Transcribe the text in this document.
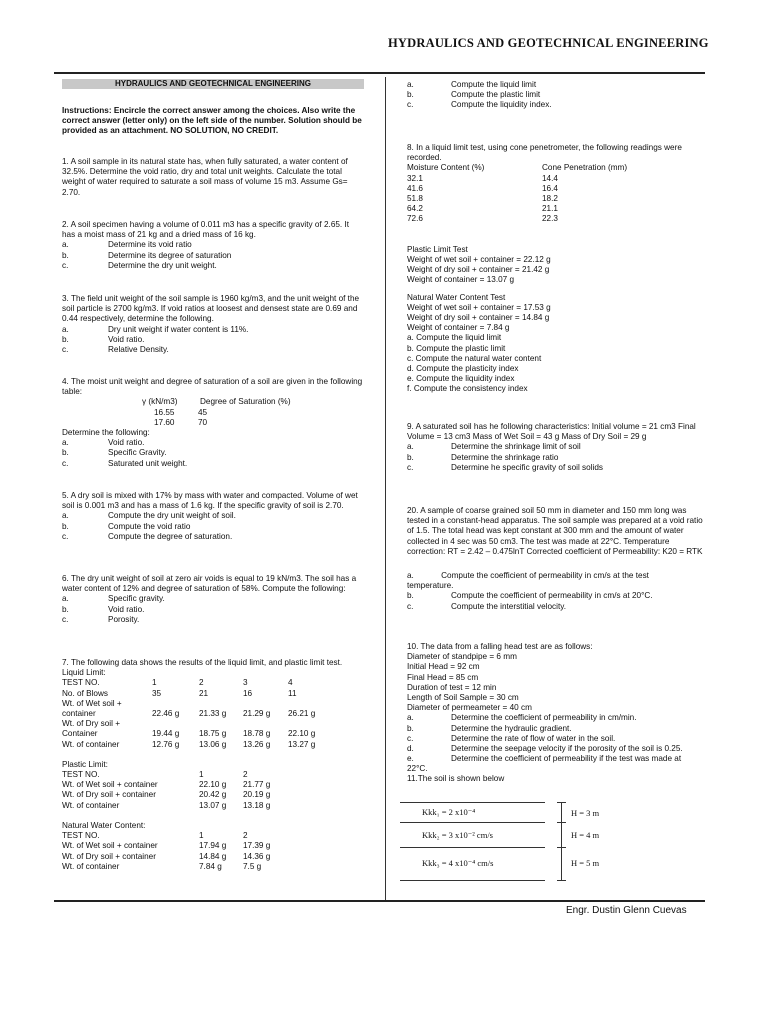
HYDRAULICS AND GEOTECHNICAL ENGINEERING
Engr. Dustin Glenn Cuevas
HYDRAULICS AND GEOTECHNICAL ENGINEERING

Instructions: Encircle the correct answer among the choices. Also write the correct answer (letter only) on the left side of the number. Solution should be provided as an attachment. NO SOLUTION, NO CREDIT.

1. A soil sample in its natural state has, when fully saturated, a water content of 32.5%. Determine the void ratio, dry and total unit weights. Calculate the total weight of water required to saturate a soil mass of volume 15 m3. Assume Gs= 2.70.

2. A soil specimen having a volume of 0.011 m3 has a specific gravity of 2.65. It has a moist mass of 21 kg and a dried mass of 16 kg.

a.	Determine its void ratio
b.	Determine its degree of saturation
c.	Determine the dry unit weight.

3. The field unit weight of the soil sample is 1960 kg/m3, and the unit weight of the soil particle is 2700 kg/m3. If void ratios at loosest and densest state are 0.69 and 0.44 respectively, determine the following.

a.	Dry unit weight if water content is 11%.
b.	Void ratio.
c.	Relative Density.

4. The moist unit weight and degree of saturation of a soil are given in the following table:

γ (kN/m3)	Degree of Saturation (%)
16.55	45
17.60	70
Determine the following:
a.	Void ratio.
b.	Specific Gravity.
c.	Saturated unit weight.

5. A dry soil is mixed with 17% by mass with water and compacted. Volume of wet soil is 0.001 m3 and has a mass of 1.6 kg. If the specific gravity of soil is 2.70.

a.	Compute the dry unit weight of soil.
b.	Compute the void ratio
c.	Compute the degree of saturation.

6. The dry unit weight of soil at zero air voids is equal to 19 kN/m3. The soil has a water content of 12% and degree of saturation of 58%. Compute the following:

a.	Specific gravity.
b.	Void ratio.
c.	Porosity.

7. The following data shows the results of the liquid limit, and plastic limit test.

Liquid Limit:
TEST NO.	1	2	3	4
No. of Blows	35	21	16	11
Wt. of Wet soil +
container	22.46 g 21.33 g 21.29 g 26.21 g
Wt. of Dry soil +
Container	19.44 g 18.75 g 18.78 g 22.10 g
Wt. of container	12.76 g 13.06 g 13.26 g 13.27 g
Plastic Limit:
TEST NO.	1	2
Wt. of Wet soil + container	22.10 g 21.77 g
Wt. of Dry soil + container	20.42 g 20.19 g
Wt. of container	13.07 g 13.18 g
Natural Water Content:
TEST NO.	1	2
Wt. of Wet soil + container	17.94 g 17.39 g
Wt. of Dry soil + container	14.84 g 14.36 g
Wt. of container	7.84 g	7.5 g
a.	Compute the liquid limit
b.	Compute the plastic limit
c.	Compute the liquidity index.

8. In a liquid limit test, using cone penetrometer, the following readings were recorded.

Moisture Content (%)	Cone Penetration (mm)
32.1	14.4
41.6	16.4
51.8	18.2
64.2	21.1
72.6	22.3
Plastic Limit Test
Weight of wet soil + container = 22.12 g
Weight of dry soil + container = 21.42 g
Weight of container = 13.07 g
Natural Water Content Test
Weight of wet soil + container = 17.53 g
Weight of dry soil + container = 14.84 g
Weight of container = 7.84 g
a. Compute the liquid limit
b. Compute the plastic limit
c. Compute the natural water content
d. Compute the plasticity index
e. Compute the liquidity index
f. Compute the consistency index

9. A saturated soil has he following characteristics: Initial volume = 21 cm3 Final Volume = 13 cm3 Mass of Wet Soil = 43 g Mass of Dry Soil = 29 g

a.	Determine the shrinkage limit of soil
b.	Determine the shrinkage ratio
c.	Determine he specific gravity of soil solids

20. A sample of coarse grained soil 50 mm in diameter and 150 mm long was tested in a constant-head apparatus. The soil sample was prepared at a void ratio of 1.5. The total head was kept constant at 300 mm and the amount of water collected in 4 sec was 50 cm3. The test was made at 22°C. Temperature correction: RT = 2.42 – 0.475lnT Corrected coefficient of Permeability: K20 = RTK

a.            Compute the coefficient of permeability in cm/s at the test
temperature.
b.	Compute the coefficient of permeability in cm/s at 20°C.
c.	Compute the interstitial velocity.
10. The data from a falling head test are as follows:
Diameter of standpipe = 6 mm
Initial Head = 92 cm
Final Head = 85 cm
Duration of test = 12 min
Length of Soil Sample = 30 cm
Diameter of permeameter = 40 cm
a.	Determine the coefficient of permeability in cm/min.
b.	Determine the hydraulic gradient.
c.	Determine the rate of flow of water in the soil.
d.	Determine the seepage velocity if the porosity of the soil is 0.25.
e.	Determine the coefficient of permeability if the test was made at
22°C.
11.The soil is shown below
Kkk₁ = 2 x10⁻⁴
Kkk₂ = 3 x10⁻² cm/s
Kkk₃ = 4 x10⁻⁴ cm/s
H = 3 m
H = 4 m
H = 5 m
